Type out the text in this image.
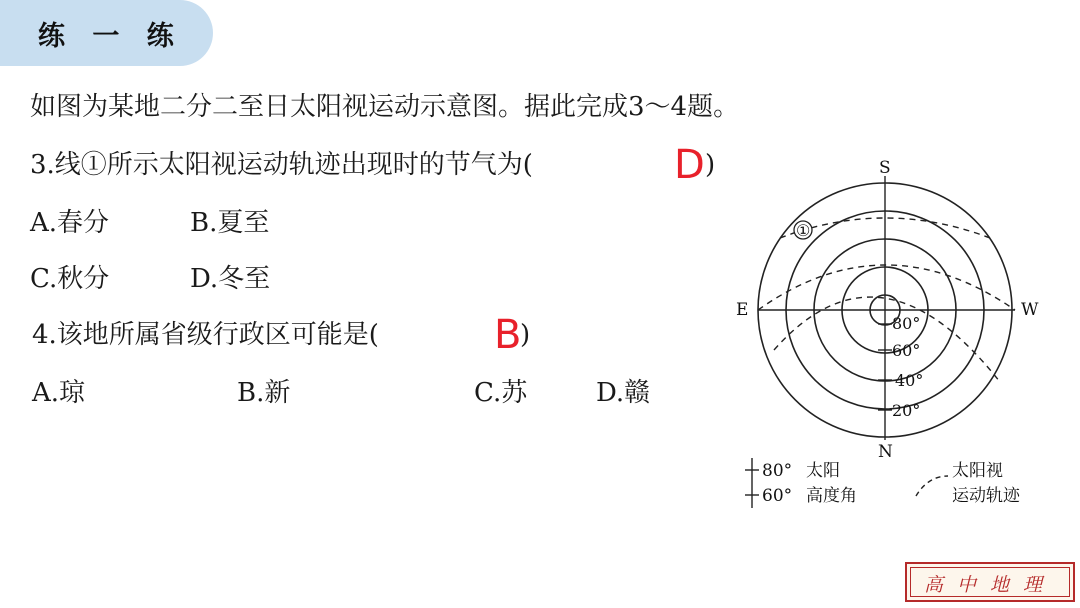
练 一 练
如图为某地二分二至日太阳视运动示意图。据此完成3～4题。
3.线①所示太阳视运动轨迹出现时的节气为(	D )
A.春分	B.夏至
C.秋分	D.冬至
4.该地所属省级行政区可能是(	B
)
A.琼	B.新	C.苏	D.赣
S
N
E	W
①
80°
60°
40°
20°
80°
60°
太阳
高度角
太阳视
运动轨迹
高中地理
